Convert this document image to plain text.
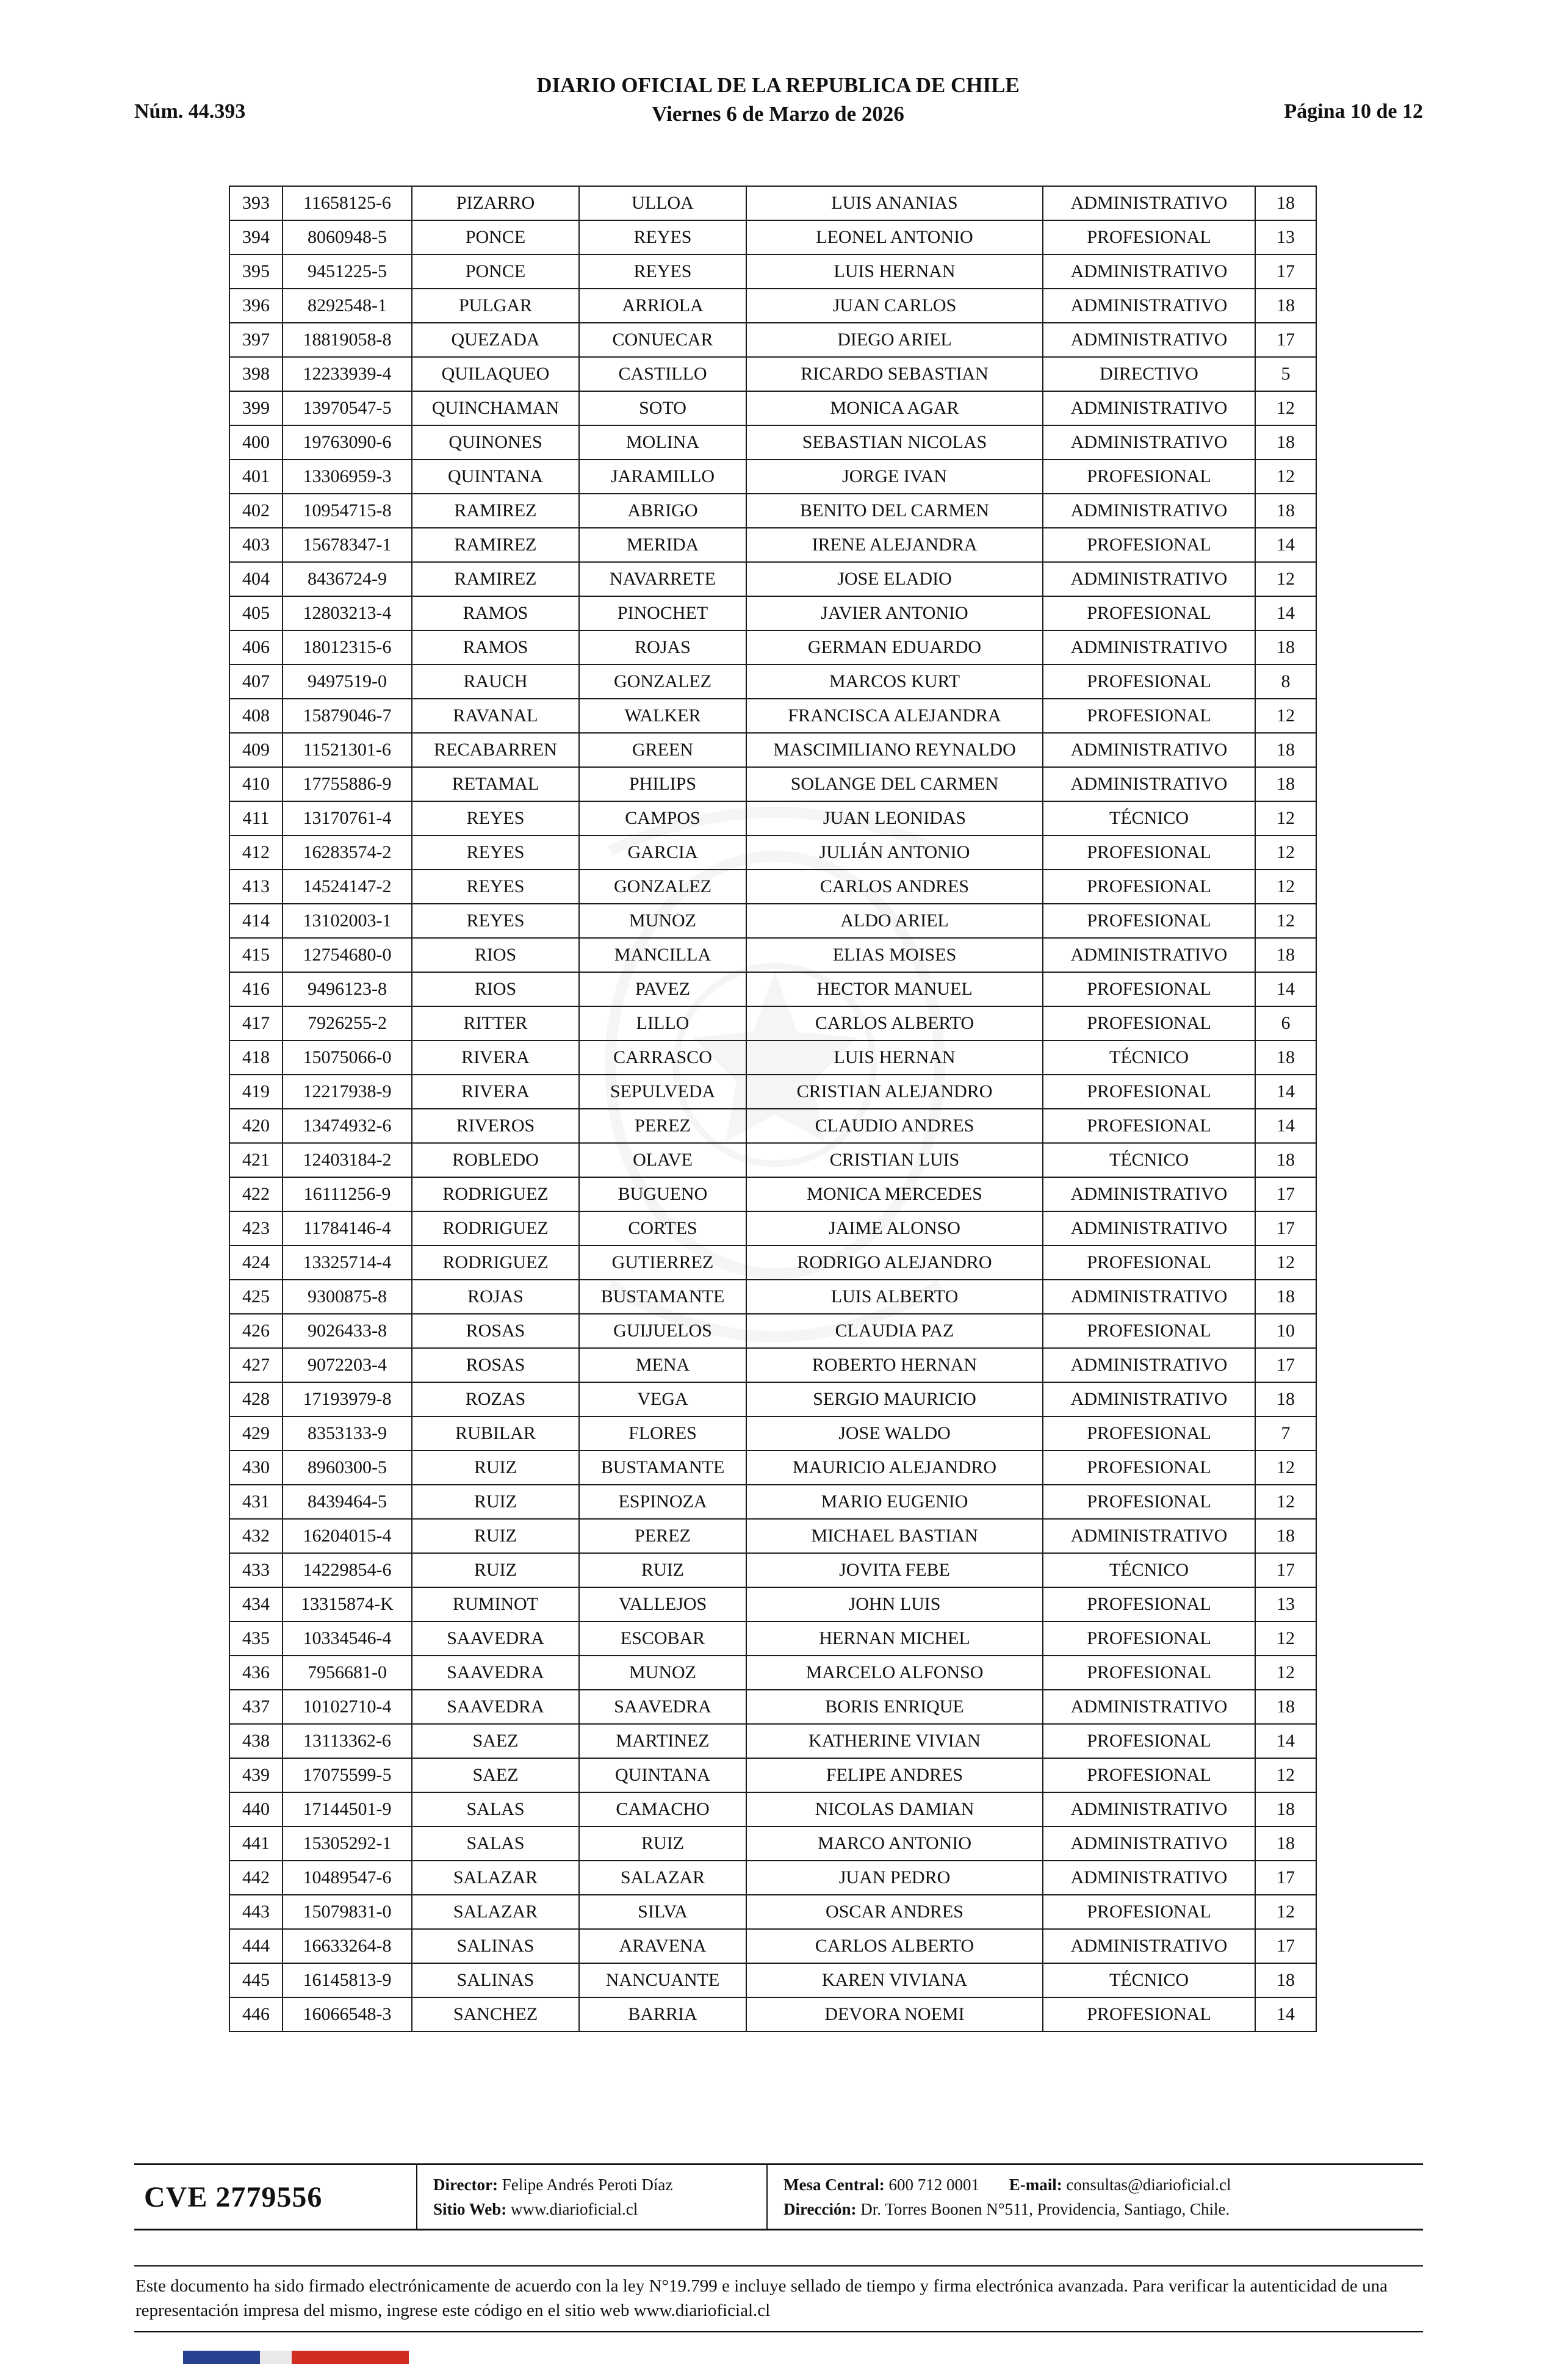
Núm. 44.393
DIARIO OFICIAL DE LA REPUBLICA DE CHILE
Viernes 6 de Marzo de 2026	Página 10 de 12
393	11658125-6	PIZARRO	ULLOA	LUIS ANANIAS	ADMINISTRATIVO	18
394	8060948-5	PONCE	REYES	LEONEL ANTONIO	PROFESIONAL	13
395	9451225-5	PONCE	REYES	LUIS HERNAN	ADMINISTRATIVO	17
396	8292548-1	PULGAR	ARRIOLA	JUAN CARLOS	ADMINISTRATIVO	18
397	18819058-8	QUEZADA	CONUECAR	DIEGO ARIEL	ADMINISTRATIVO	17
398	12233939-4	QUILAQUEO	CASTILLO	RICARDO SEBASTIAN	DIRECTIVO	5
399	13970547-5	QUINCHAMAN	SOTO	MONICA AGAR	ADMINISTRATIVO	12
400	19763090-6	QUINONES	MOLINA	SEBASTIAN NICOLAS	ADMINISTRATIVO	18
401	13306959-3	QUINTANA	JARAMILLO	JORGE IVAN	PROFESIONAL	12
402	10954715-8	RAMIREZ	ABRIGO	BENITO DEL CARMEN	ADMINISTRATIVO	18
403	15678347-1	RAMIREZ	MERIDA	IRENE ALEJANDRA	PROFESIONAL	14
404	8436724-9	RAMIREZ	NAVARRETE	JOSE ELADIO	ADMINISTRATIVO	12
405	12803213-4	RAMOS	PINOCHET	JAVIER ANTONIO	PROFESIONAL	14
406	18012315-6	RAMOS	ROJAS	GERMAN EDUARDO	ADMINISTRATIVO	18
407	9497519-0	RAUCH	GONZALEZ	MARCOS KURT	PROFESIONAL	8
408	15879046-7	RAVANAL	WALKER	FRANCISCA ALEJANDRA	PROFESIONAL	12
409	11521301-6	RECABARREN	GREEN	MASCIMILIANO REYNALDO	ADMINISTRATIVO	18
410	17755886-9	RETAMAL	PHILIPS	SOLANGE DEL CARMEN	ADMINISTRATIVO	18
411	13170761-4	REYES	CAMPOS	JUAN LEONIDAS	TÉCNICO	12
412	16283574-2	REYES	GARCIA	JULIÁN ANTONIO	PROFESIONAL	12
413	14524147-2	REYES	GONZALEZ	CARLOS ANDRES	PROFESIONAL	12
414	13102003-1	REYES	MUNOZ	ALDO ARIEL	PROFESIONAL	12
415	12754680-0	RIOS	MANCILLA	ELIAS MOISES	ADMINISTRATIVO	18
416	9496123-8	RIOS	PAVEZ	HECTOR MANUEL	PROFESIONAL	14
417	7926255-2	RITTER	LILLO	CARLOS ALBERTO	PROFESIONAL	6
418	15075066-0	RIVERA	CARRASCO	LUIS HERNAN	TÉCNICO	18
419	12217938-9	RIVERA	SEPULVEDA	CRISTIAN ALEJANDRO	PROFESIONAL	14
420	13474932-6	RIVEROS	PEREZ	CLAUDIO ANDRES	PROFESIONAL	14
421	12403184-2	ROBLEDO	OLAVE	CRISTIAN LUIS	TÉCNICO	18
422	16111256-9	RODRIGUEZ	BUGUENO	MONICA MERCEDES	ADMINISTRATIVO	17
423	11784146-4	RODRIGUEZ	CORTES	JAIME ALONSO	ADMINISTRATIVO	17
424	13325714-4	RODRIGUEZ	GUTIERREZ	RODRIGO ALEJANDRO	PROFESIONAL	12
425	9300875-8	ROJAS	BUSTAMANTE	LUIS ALBERTO	ADMINISTRATIVO	18
426	9026433-8	ROSAS	GUIJUELOS	CLAUDIA PAZ	PROFESIONAL	10
427	9072203-4	ROSAS	MENA	ROBERTO HERNAN	ADMINISTRATIVO	17
428	17193979-8	ROZAS	VEGA	SERGIO MAURICIO	ADMINISTRATIVO	18
429	8353133-9	RUBILAR	FLORES	JOSE WALDO	PROFESIONAL	7
430	8960300-5	RUIZ	BUSTAMANTE	MAURICIO ALEJANDRO	PROFESIONAL	12
431	8439464-5	RUIZ	ESPINOZA	MARIO EUGENIO	PROFESIONAL	12
432	16204015-4	RUIZ	PEREZ	MICHAEL BASTIAN	ADMINISTRATIVO	18
433	14229854-6	RUIZ	RUIZ	JOVITA FEBE	TÉCNICO	17
434	13315874-K	RUMINOT	VALLEJOS	JOHN LUIS	PROFESIONAL	13
435	10334546-4	SAAVEDRA	ESCOBAR	HERNAN MICHEL	PROFESIONAL	12
436	7956681-0	SAAVEDRA	MUNOZ	MARCELO ALFONSO	PROFESIONAL	12
437	10102710-4	SAAVEDRA	SAAVEDRA	BORIS ENRIQUE	ADMINISTRATIVO	18
438	13113362-6	SAEZ	MARTINEZ	KATHERINE VIVIAN	PROFESIONAL	14
439	17075599-5	SAEZ	QUINTANA	FELIPE ANDRES	PROFESIONAL	12
440	17144501-9	SALAS	CAMACHO	NICOLAS DAMIAN	ADMINISTRATIVO	18
441	15305292-1	SALAS	RUIZ	MARCO ANTONIO	ADMINISTRATIVO	18
442	10489547-6	SALAZAR	SALAZAR	JUAN PEDRO	ADMINISTRATIVO	17
443	15079831-0	SALAZAR	SILVA	OSCAR ANDRES	PROFESIONAL	12
444	16633264-8	SALINAS	ARAVENA	CARLOS ALBERTO	ADMINISTRATIVO	17
445	16145813-9	SALINAS	NANCUANTE	KAREN VIVIANA	TÉCNICO	18
446	16066548-3	SANCHEZ	BARRIA	DEVORA NOEMI	PROFESIONAL	14
CVE 2779556	Director: Felipe Andrés Peroti Díaz
Sitio Web: www.diarioficial.cl
Mesa Central: 600 712 0001 E-mail: consultas@diarioficial.cl
Dirección: Dr. Torres Boonen N°511, Providencia, Santiago, Chile.
Este documento ha sido firmado electrónicamente de acuerdo con la ley N°19.799 e incluye sellado de tiempo y firma electrónica avanzada. Para verificar la autenticidad de una representación impresa del mismo, ingrese este código en el sitio web www.diarioficial.cl
